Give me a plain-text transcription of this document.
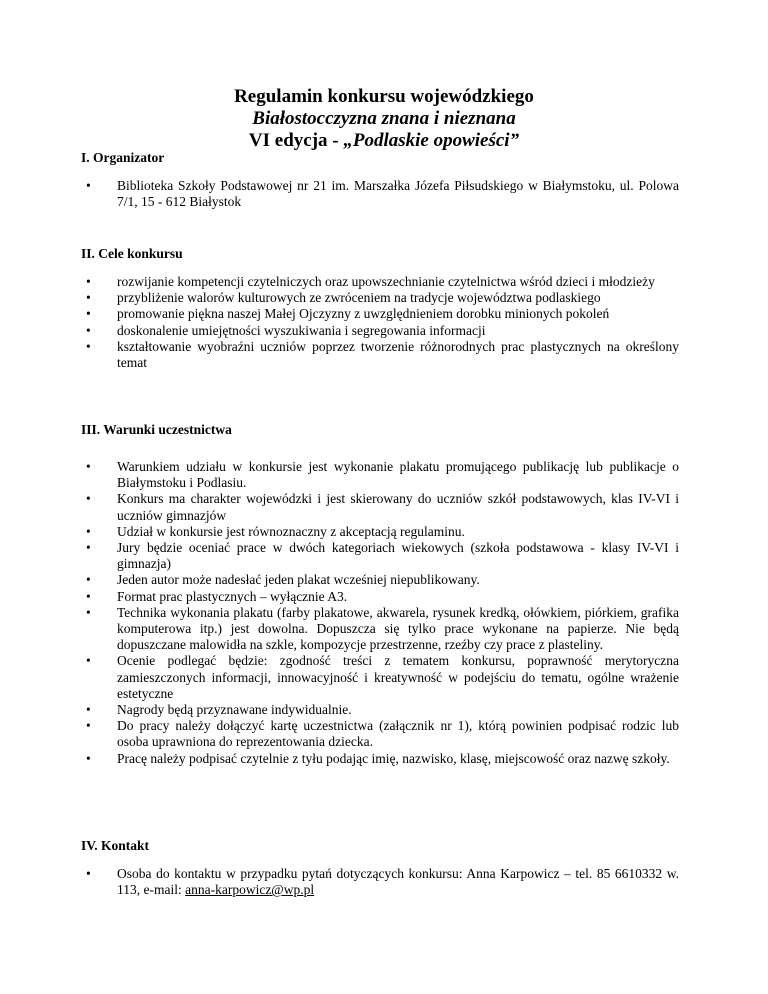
Regulamin konkursu wojewódzkiego
Białostocczyzna znana i nieznana
VI edycja - „Podlaskie opowieści”
I. Organizator
• Biblioteka Szkoły Podstawowej nr 21 im. Marszałka Józefa Piłsudskiego w Białymstoku, ul. Polowa 7/1, 15 - 612 Białystok
II. Cele konkursu
• rozwijanie kompetencji czytelniczych oraz upowszechnianie czytelnictwa wśród dzieci i młodzieży
• przybliżenie walorów kulturowych ze zwróceniem na tradycje województwa podlaskiego
• promowanie piękna naszej Małej Ojczyzny z uwzględnieniem dorobku minionych pokoleń
• doskonalenie umiejętności wyszukiwania i segregowania informacji
• kształtowanie wyobraźni uczniów poprzez tworzenie różnorodnych prac plastycznych na określony temat
III. Warunki uczestnictwa
• Warunkiem udziału w konkursie jest wykonanie plakatu promującego publikację lub publikacje o Białymstoku i Podlasiu.
• Konkurs ma charakter wojewódzki i jest skierowany do uczniów szkół podstawowych, klas IV-VI i uczniów gimnazjów
• Udział w konkursie jest równoznaczny z akceptacją regulaminu.
• Jury będzie oceniać prace w dwóch kategoriach wiekowych (szkoła podstawowa - klasy IV-VI i gimnazja)
• Jeden autor może nadesłać jeden plakat wcześniej niepublikowany.
• Format prac plastycznych – wyłącznie A3.
• Technika wykonania plakatu (farby plakatowe, akwarela, rysunek kredką, ołówkiem, piórkiem, grafika komputerowa itp.) jest dowolna. Dopuszcza się tylko prace wykonane na papierze. Nie będą dopuszczane malowidła na szkle, kompozycje przestrzenne, rzeźby czy prace z plasteliny.
• Ocenie podlegać będzie: zgodność treści z tematem konkursu, poprawność merytoryczna zamieszczonych informacji, innowacyjność i kreatywność w podejściu do tematu, ogólne wrażenie estetyczne
• Nagrody będą przyznawane indywidualnie.
• Do pracy należy dołączyć kartę uczestnictwa (załącznik nr 1), którą powinien podpisać rodzic lub osoba uprawniona do reprezentowania dziecka.
• Pracę należy podpisać czytelnie z tyłu podając imię, nazwisko, klasę, miejscowość oraz nazwę szkoły.
IV. Kontakt
• Osoba do kontaktu w przypadku pytań dotyczących konkursu: Anna Karpowicz – tel. 85 6610332 w. 113, e-mail: anna-karpowicz@wp.pl
